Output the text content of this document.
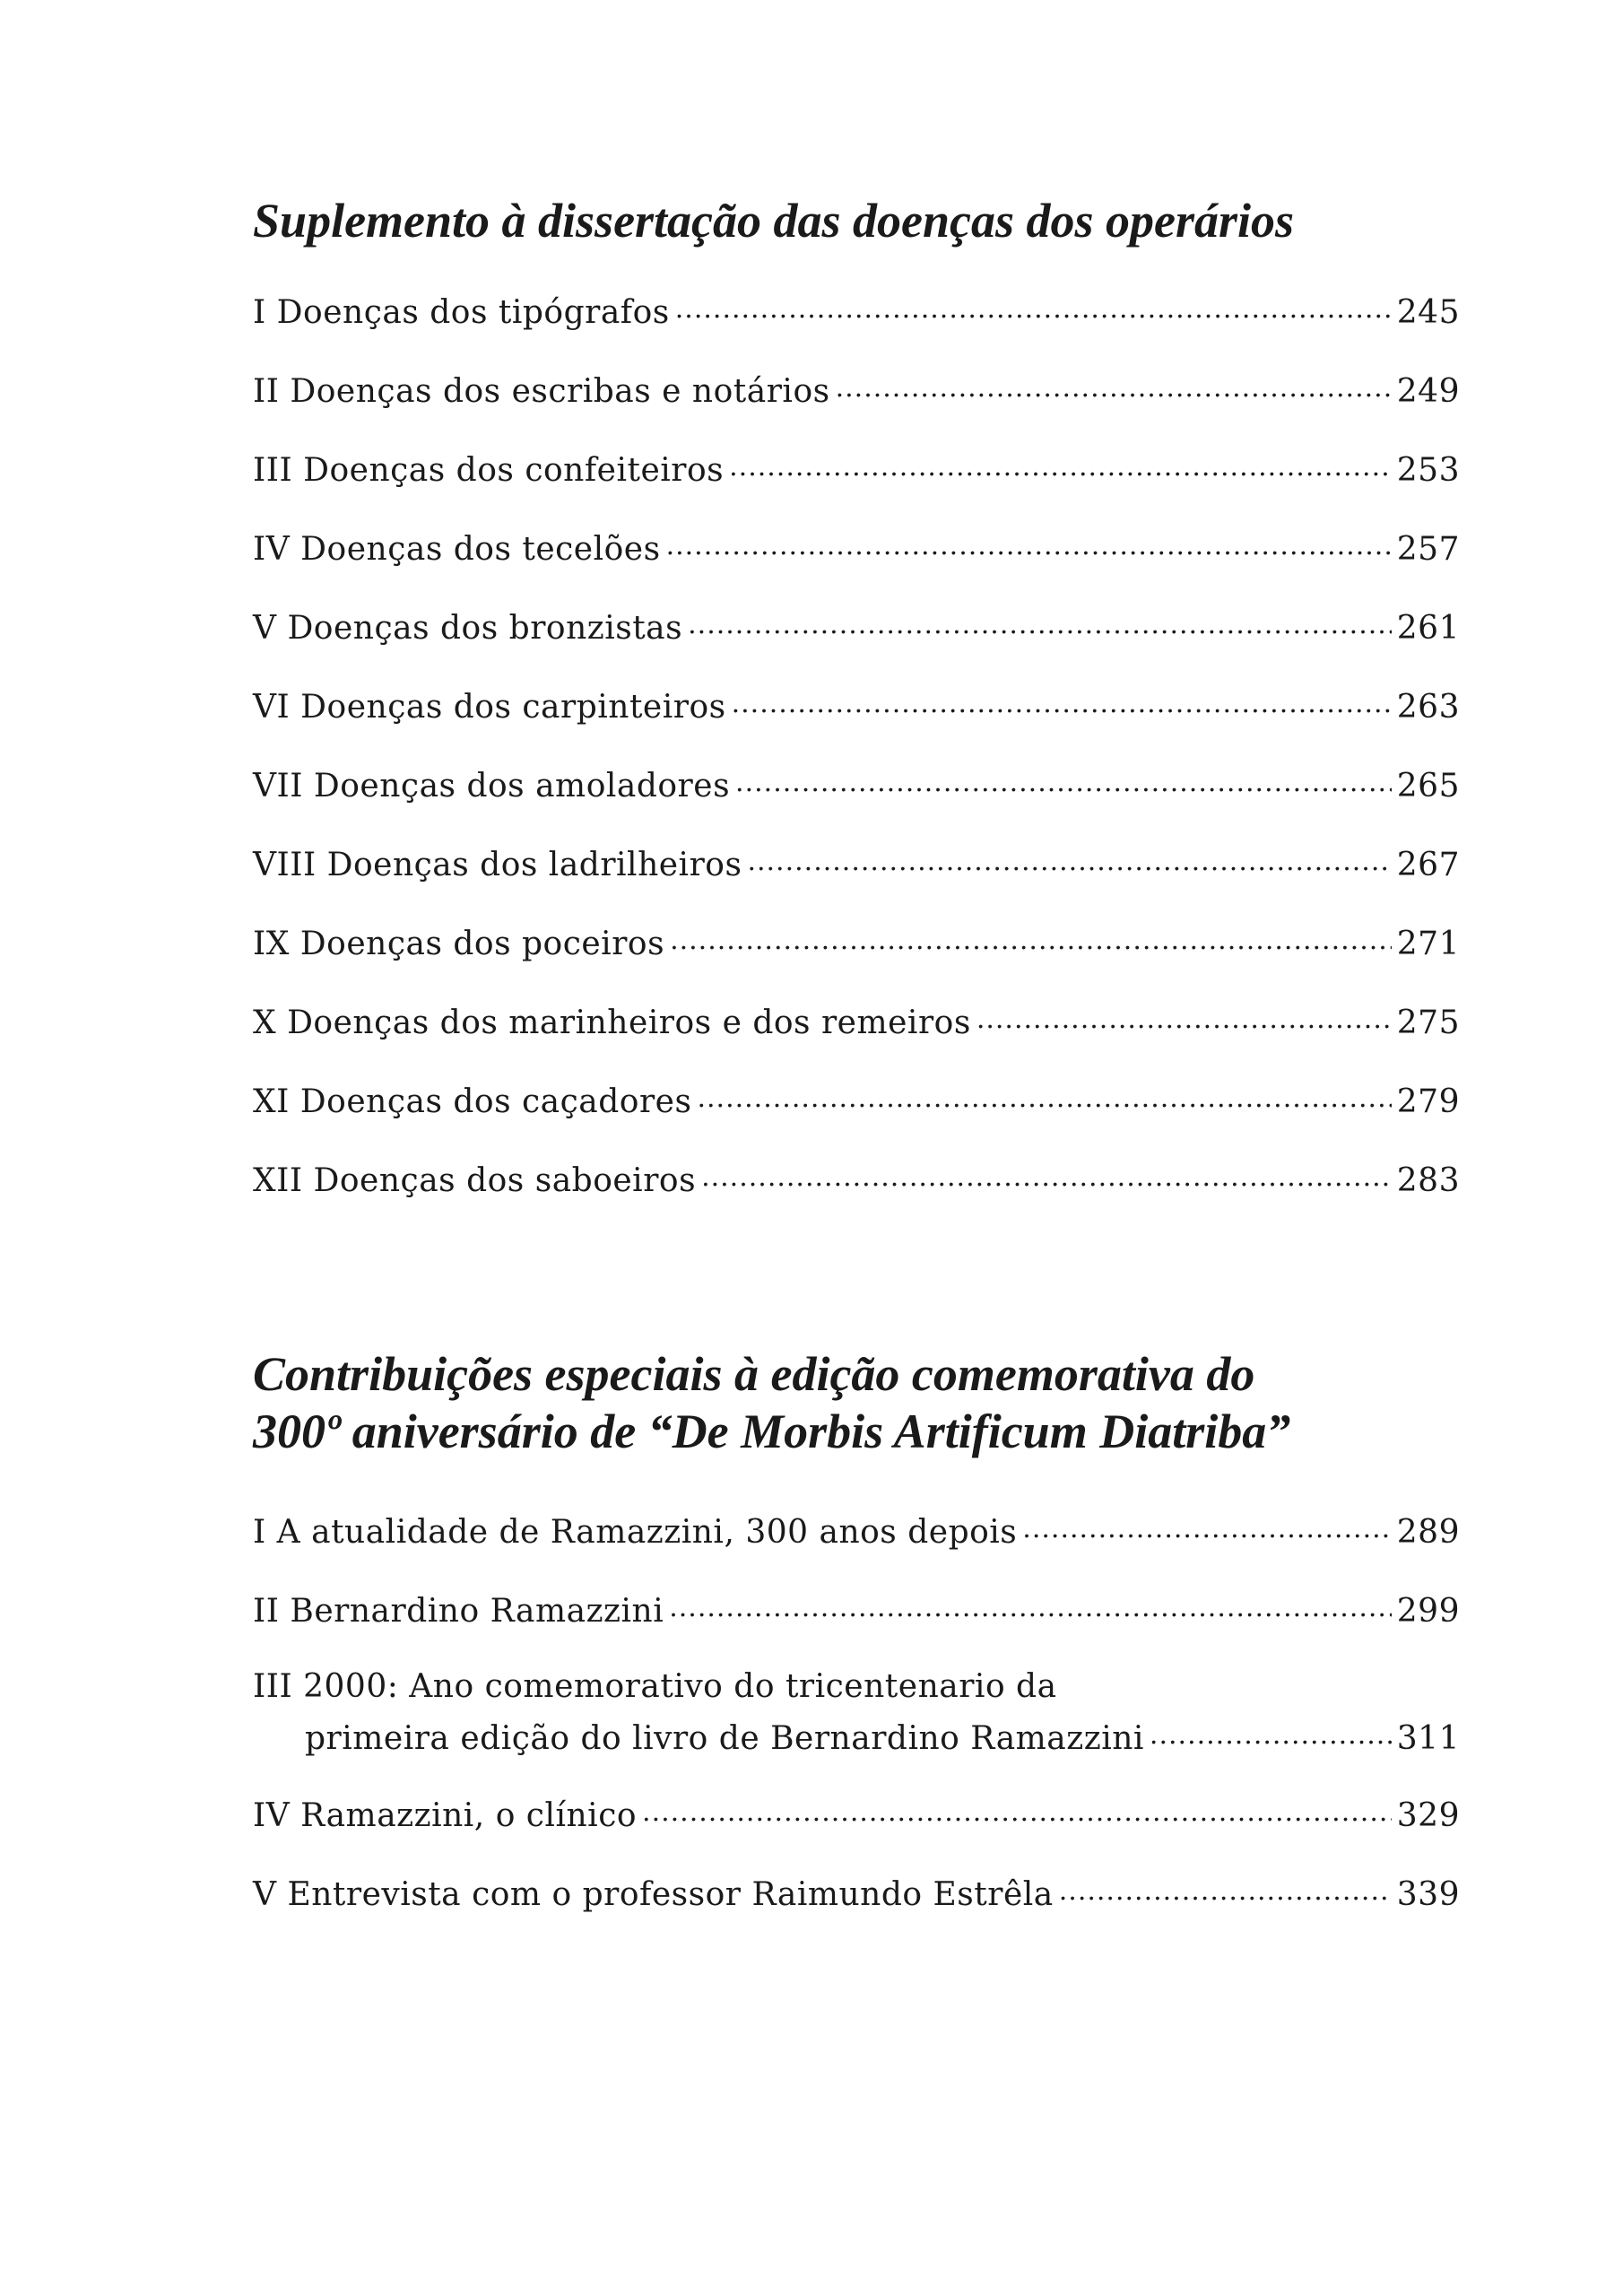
Suplemento à dissertação das doenças dos operários
I Doenças dos tipógrafos .....	245
II Doenças dos escribas e notários .....	249
III Doenças dos confeiteiros .....	253
IV Doenças dos tecelões .....	257
V Doenças dos bronzistas .....	261
VI Doenças dos carpinteiros .....	263
VII Doenças dos amoladores .....	265
VIII Doenças dos ladrilheiros .....	267
IX Doenças dos poceiros .....	271
X Doenças dos marinheiros e dos remeiros .....	275
XI Doenças dos caçadores .....	279
XII Doenças dos saboeiros .....	283
Contribuições especiais à edição comemorativa do
300º aniversário de “De Morbis Artificum Diatriba”
I A atualidade de Ramazzini, 300 anos depois .....	289
II Bernardino Ramazzini .....	299
III 2000: Ano comemorativo do tricentenario da
primeira edição do livro de Bernardino Ramazzini .....	311
IV Ramazzini, o clínico .....	329
V Entrevista com o professor Raimundo Estrêla .....	339
